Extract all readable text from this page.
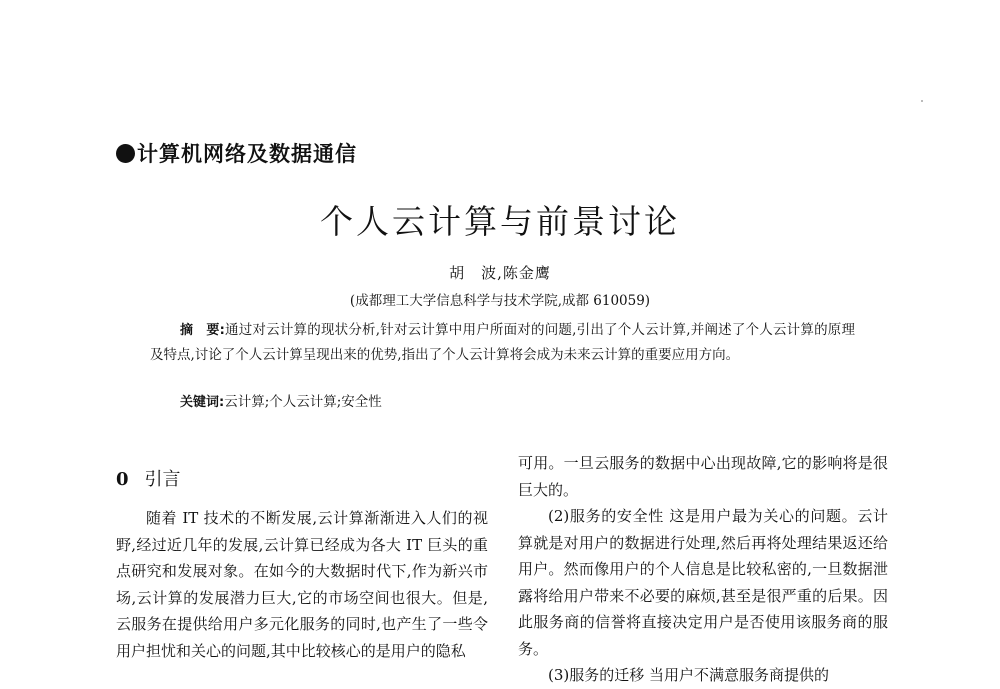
计算机网络及数据通信
个人云计算与前景讨论
胡　波,陈金鹰
(成都理工大学信息科学与技术学院,成都 610059)
摘　要:通过对云计算的现状分析,针对云计算中用户所面对的问题,引出了个人云计算,并阐述了个人云计算的原理及特点,讨论了个人云计算呈现出来的优势,指出了个人云计算将会成为未来云计算的重要应用方向。
关键词:云计算;个人云计算;安全性
0 引言

随着 IT 技术的不断发展,云计算渐渐进入人们的视野,经过近几年的发展,云计算已经成为各大 IT 巨头的重点研究和发展对象。在如今的大数据时代下,作为新兴市场,云计算的发展潜力巨大,它的市场空间也很大。但是,云服务在提供给用户多元化服务的同时,也产生了一些令用户担忧和关心的问题,其中比较核心的是用户的隐私

可用。一旦云服务的数据中心出现故障,它的影响将是很巨大的。

(2)服务的安全性 这是用户最为关心的问题。云计算就是对用户的数据进行处理,然后再将处理结果返还给用户。然而像用户的个人信息是比较私密的,一旦数据泄露将给用户带来不必要的麻烦,甚至是很严重的后果。因此服务商的信誉将直接决定用户是否使用该服务商的服务。

(3)服务的迁移 当用户不满意服务商提供的
